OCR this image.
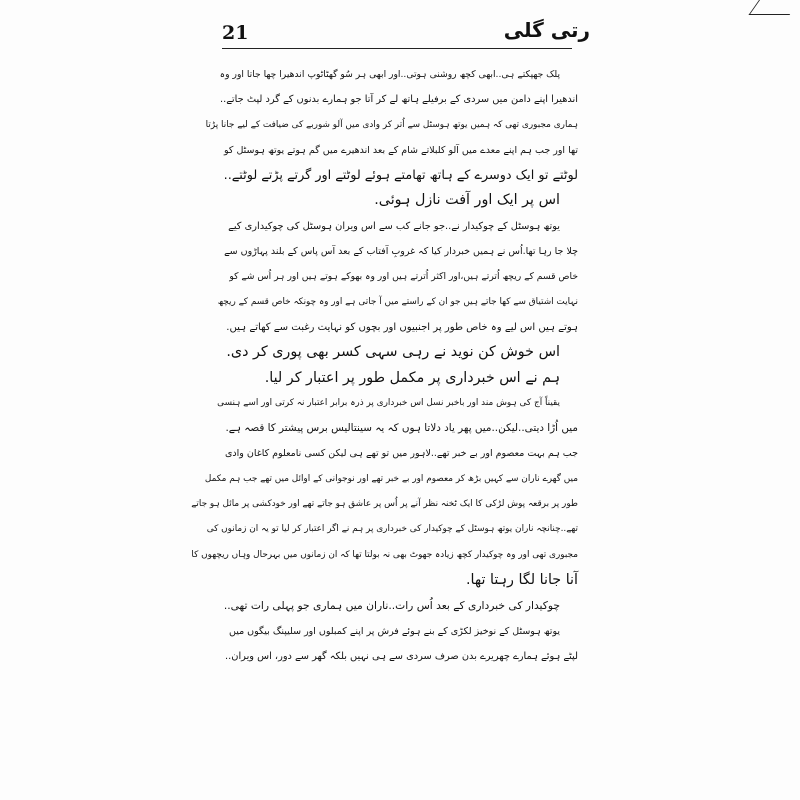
21	رتی گلی
پلک جھپکتے ہی..ابھی کچھ روشنی ہوتی..اور ابھی ہر سُو گھٹاٹوپ اندھیرا چھا جاتا اور وہ
اندھیرا اپنے دامن میں سردی کے برفیلے ہاتھ لے کر آتا جو ہمارے بدنوں کے گرد لپٹ جاتے..
ہماری مجبوری تھی کہ ہمیں یوتھ ہوسٹل سے اُتر کر وادی میں آلو شوربے کی ضیافت کے لیے جانا پڑتا
تھا اور جب ہم اپنے معدے میں آلو کلبلاتے شام کے بعد اندھیرے میں گم ہوتے یوتھ ہوسٹل کو
لوٹتے تو ایک دوسرے کے ہاتھ تھامتے ہوئے لوٹتے اور گرتے پڑتے لوٹتے..
اس پر ایک اور آفت نازل ہوئی.
یوتھ ہوسٹل کے چوکیدار نے..جو جانے کب سے اس ویران ہوسٹل کی چوکیداری کیے
چلا جا رہا تھا.اُس نے ہمیں خبردار کیا کہ غروبِ آفتاب کے بعد آس پاس کے بلند پہاڑوں سے
خاص قسم کے ریچھ اُترتے ہیں،اور اکثر اُترتے ہیں اور وہ بھوکے ہوتے ہیں اور ہر اُس شے کو
نہایت اشتیاق سے کھا جاتے ہیں جو ان کے راستے میں آ جاتی ہے اور وہ چونکہ خاص قسم کے ریچھ
ہوتے ہیں اس لیے وہ خاص طور پر اجنبیوں اور بچوں کو نہایت رغبت سے کھاتے ہیں.
اس خوش کن نوید نے رہی سہی کسر بھی پوری کر دی.
ہم نے اس خبرداری پر مکمل طور پر اعتبار کر لیا.
یقیناً آج کی ہوش مند اور باخبر نسل اس خبرداری پر ذرہ برابر اعتبار نہ کرتی اور اسے ہنسی
میں اُڑا دیتی..لیکن..میں پھر یاد دلاتا ہوں کہ یہ سینتالیس برس پیشتر کا قصہ ہے.
جب ہم بہت معصوم اور بے خبر تھے..لاہور میں تو تھے ہی لیکن کسی نامعلوم کاغان وادی
میں گھرے ناران سے کہیں بڑھ کر معصوم اور بے خبر تھے اور نوجوانی کے اوائل میں تھے جب ہم مکمل
طور پر برقعہ پوش لڑکی کا ایک ٹخنہ نظر آنے پر اُس پر عاشق ہو جاتے تھے اور خودکشی پر مائل ہو جاتے
تھے..چنانچہ ناران یوتھ ہوسٹل کے چوکیدار کی خبرداری پر ہم نے اگر اعتبار کر لیا تو یہ ان زمانوں کی
مجبوری تھی اور وہ چوکیدار کچھ زیادہ جھوٹ بھی نہ بولتا تھا کہ ان زمانوں میں بہرحال وہاں ریچھوں کا
آنا جانا لگا رہتا تھا.
چوکیدار کی خبرداری کے بعد اُس رات..ناران میں ہماری جو پہلی رات تھی..
یوتھ ہوسٹل کے نوخیز لکڑی کے بنے ہوئے فرش پر اپنے کمبلوں اور سلیپنگ بیگوں میں
لپٹے ہوئے ہمارے چھریرے بدن صرف سردی سے ہی نہیں بلکہ گھر سے دور، اس ویران..
